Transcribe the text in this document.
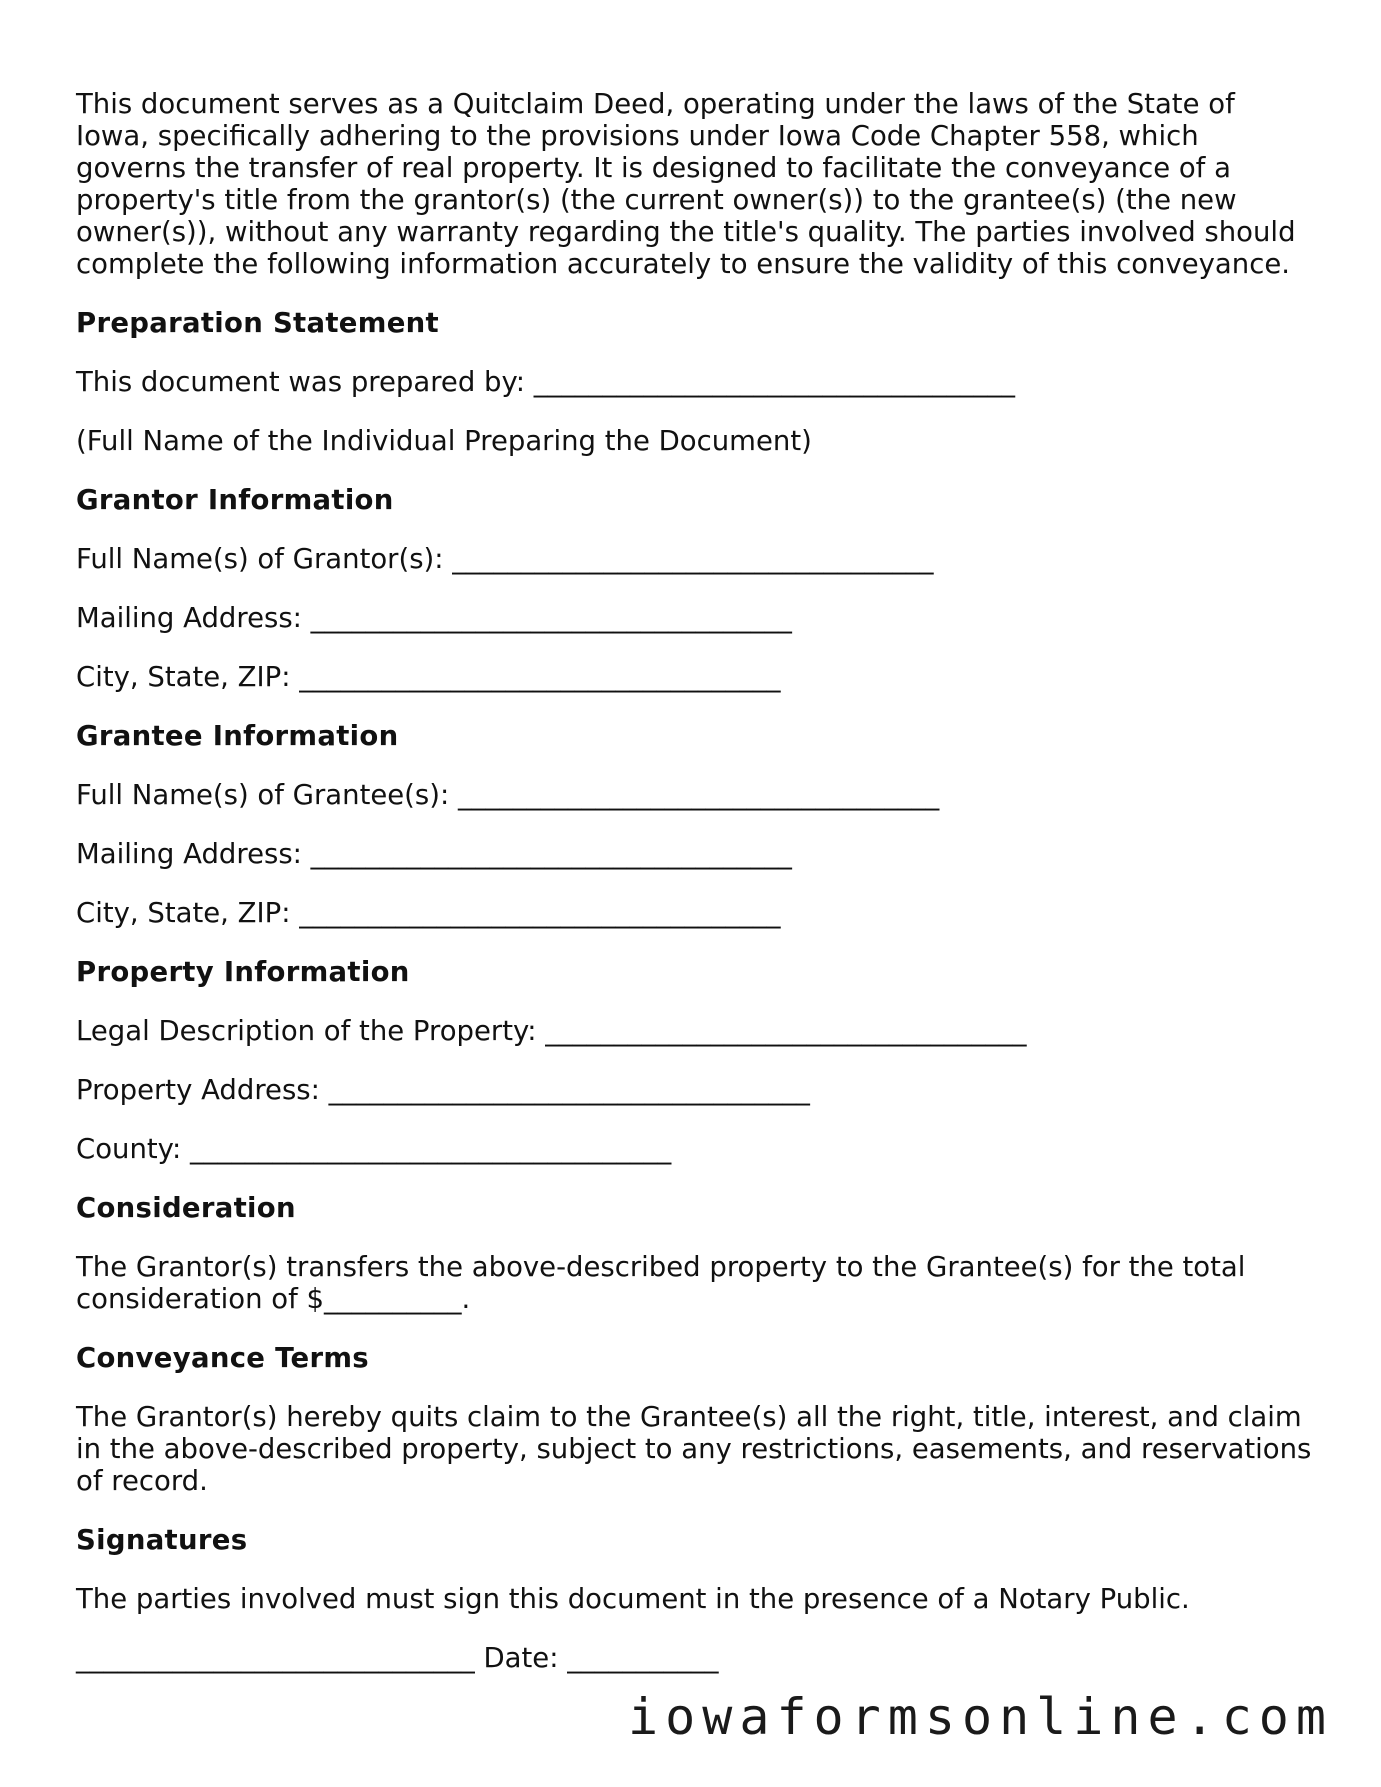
This document serves as a Quitclaim Deed, operating under the laws of the State of Iowa, specifically adhering to the provisions under Iowa Code Chapter 558, which governs the transfer of real property. It is designed to facilitate the conveyance of a property's title from the grantor(s) (the current owner(s)) to the grantee(s) (the new owner(s)), without any warranty regarding the title's quality. The parties involved should complete the following information accurately to ensure the validity of this conveyance.

Preparation Statement
This document was prepared by: ___________________________________
(Full Name of the Individual Preparing the Document)
Grantor Information
Full Name(s) of Grantor(s): ___________________________________
Mailing Address: ___________________________________
City, State, ZIP: ___________________________________
Grantee Information
Full Name(s) of Grantee(s): ___________________________________
Mailing Address: ___________________________________
City, State, ZIP: ___________________________________
Property Information
Legal Description of the Property: ___________________________________
Property Address: ___________________________________
County: ___________________________________
Consideration

The Grantor(s) transfers the above-described property to the Grantee(s) for the total consideration of $__________.

Conveyance Terms

The Grantor(s) hereby quits claim to the Grantee(s) all the right, title, interest, and claim in the above-described property, subject to any restrictions, easements, and reservations of record.

Signatures

The parties involved must sign this document in the presence of a Notary Public.

_____________________________ Date: ___________
iowaformsonline.com
